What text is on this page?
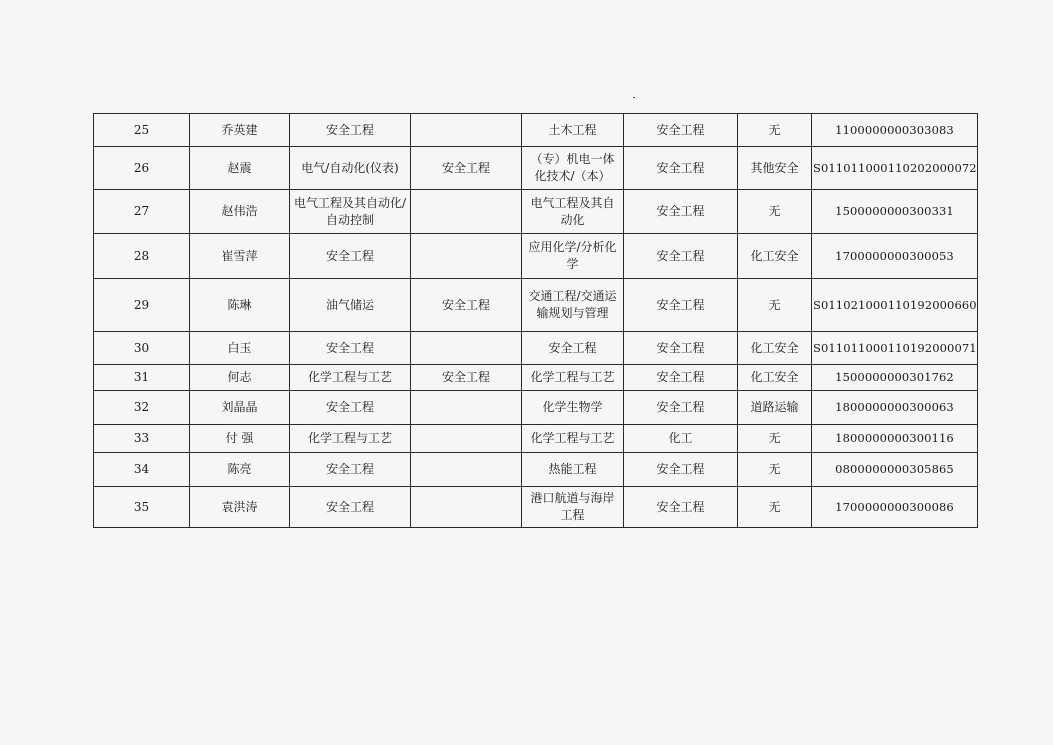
25	乔英建	安全工程		土木工程	安全工程	无	1100000000303083
26	赵震	电气/自动化(仪表)	安全工程	（专）机电一体化技术/（本）	安全工程	其他安全	S011011000110202000072
27	赵伟浩	电气工程及其自动化/自动控制		电气工程及其自动化	安全工程	无	1500000000300331
28	崔雪萍	安全工程		应用化学/分析化学	安全工程	化工安全	1700000000300053
29	陈琳	油气储运	安全工程	交通工程/交通运输规划与管理	安全工程	无	S011021000110192000660
30	白玉	安全工程		安全工程	安全工程	化工安全	S011011000110192000071
31	何志	化学工程与工艺	安全工程	化学工程与工艺	安全工程	化工安全	1500000000301762
32	刘晶晶	安全工程		化学生物学	安全工程	道路运输	1800000000300063
33	付 强	化学工程与工艺		化学工程与工艺	化工	无	1800000000300116
34	陈亮	安全工程		热能工程	安全工程	无	0800000000305865
35	袁洪涛	安全工程		港口航道与海岸工程	安全工程	无	1700000000300086
